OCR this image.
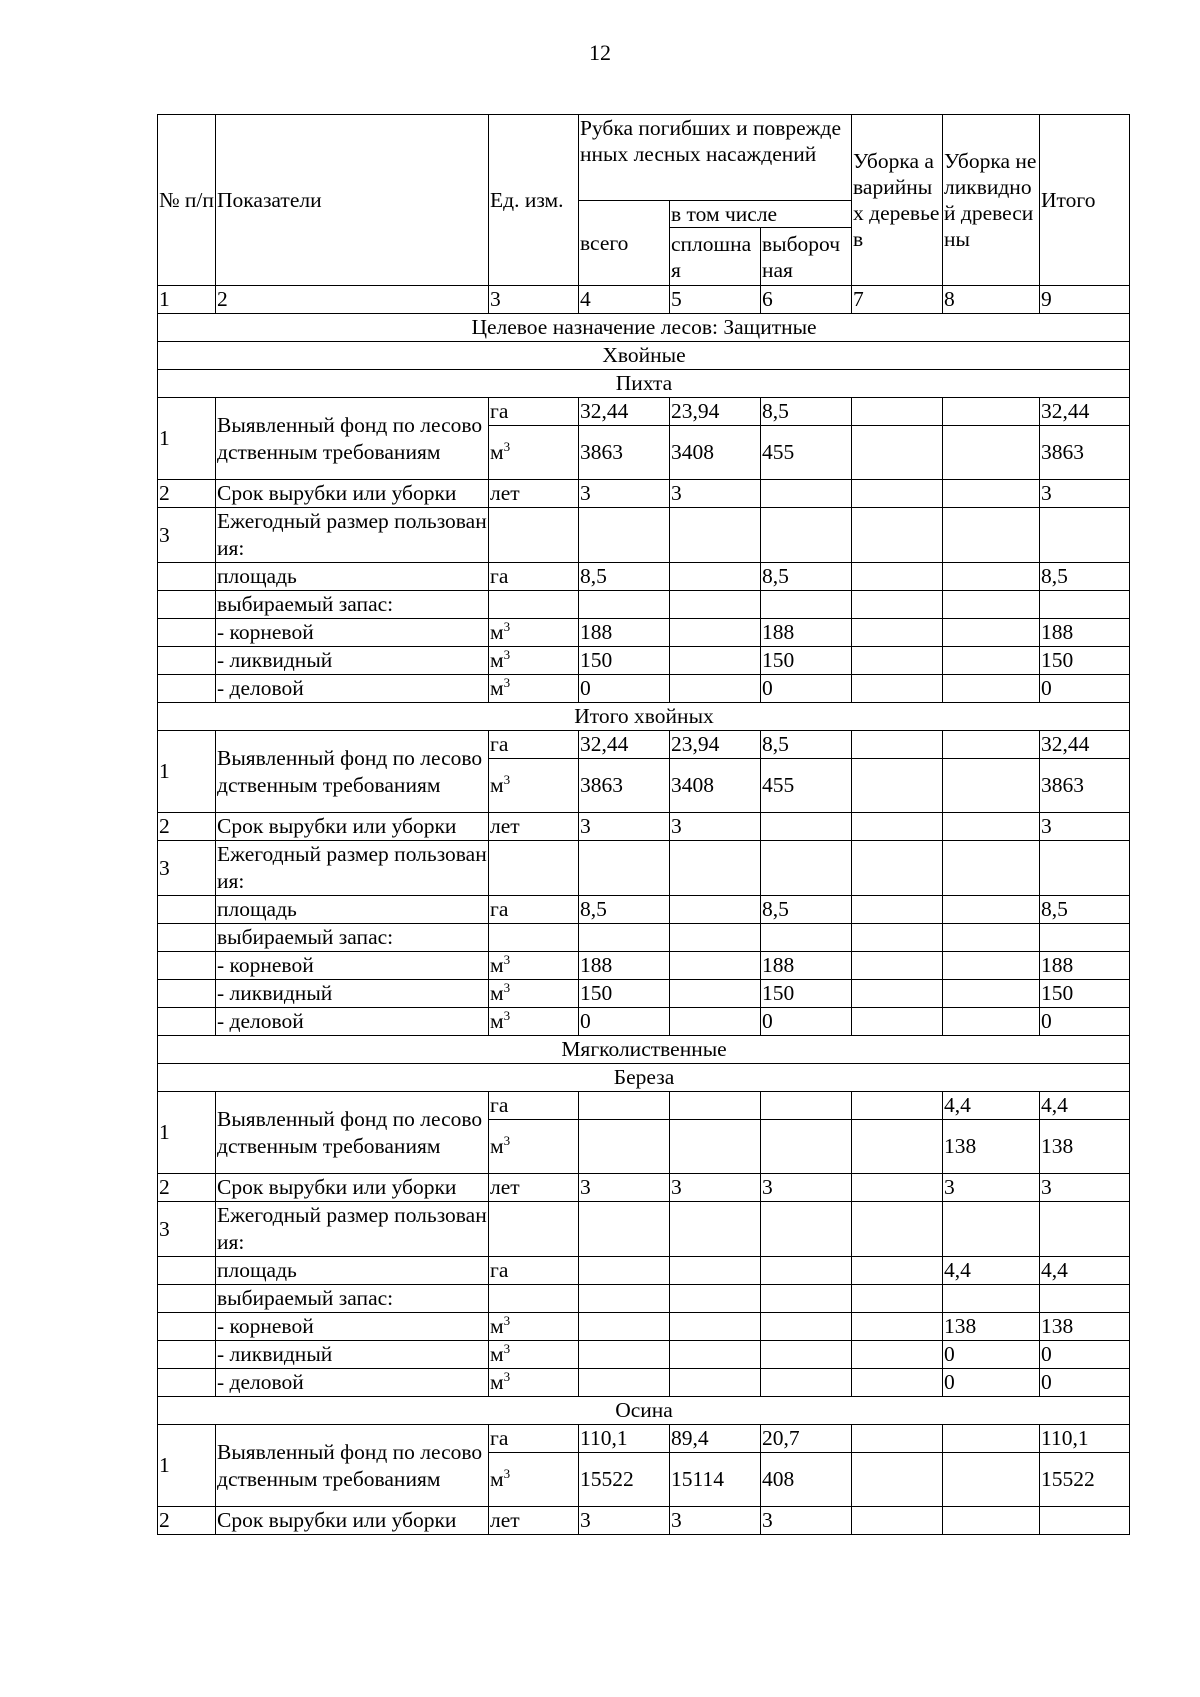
12
№ п/п	Показатели	Ед. изм.	Рубка погибших и поврежденных лесных насаждений			Уборка аварийных деревьев	Уборка неликвидной древесины	Итого
			всего	в том числе				
				сплошная	выборочная			
1	2	3	4	5	6	7	8	9
Целевое назначение лесов: Защитные								
Хвойные								
Пихта								
1	Выявленный фонд по лесоводственным требованиям	га	32,44	23,94	8,5			32,44
		$м^3$	3863	3408	455			3863
2	Срок вырубки или уборки	лет	3	3				3
3	Ежегодный размер пользования:							
	площадь	га	8,5		8,5			8,5
	выбираемый запас:							
	- корневой	$м^3$	188		188			188
	- ликвидный	$м^3$	150		150			150
	- деловой	$м^3$	0		0			0
Итого хвойных								
1	Выявленный фонд по лесоводственным требованиям	га	32,44	23,94	8,5			32,44
		$м^3$	3863	3408	455			3863
2	Срок вырубки или уборки	лет	3	3				3
3	Ежегодный размер пользования:							
	площадь	га	8,5		8,5			8,5
	выбираемый запас:							
	- корневой	$м^3$	188		188			188
	- ликвидный	$м^3$	150		150			150
	- деловой	$м^3$	0		0			0
Мягколиственные								
Береза								
1	Выявленный фонд по лесоводственным требованиям	га					4,4	4,4
		$м^3$					138	138
2	Срок вырубки или уборки	лет	3	3	3		3	3
3	Ежегодный размер пользования:							
	площадь	га					4,4	4,4
	выбираемый запас:							
	- корневой	$м^3$					138	138
	- ликвидный	$м^3$					0	0
	- деловой	$м^3$					0	0
Осина								
1	Выявленный фонд по лесоводственным требованиям	га	110,1	89,4	20,7			110,1
		$м^3$	15522	15114	408			15522
2	Срок вырубки или уборки	лет	3	3	3			
